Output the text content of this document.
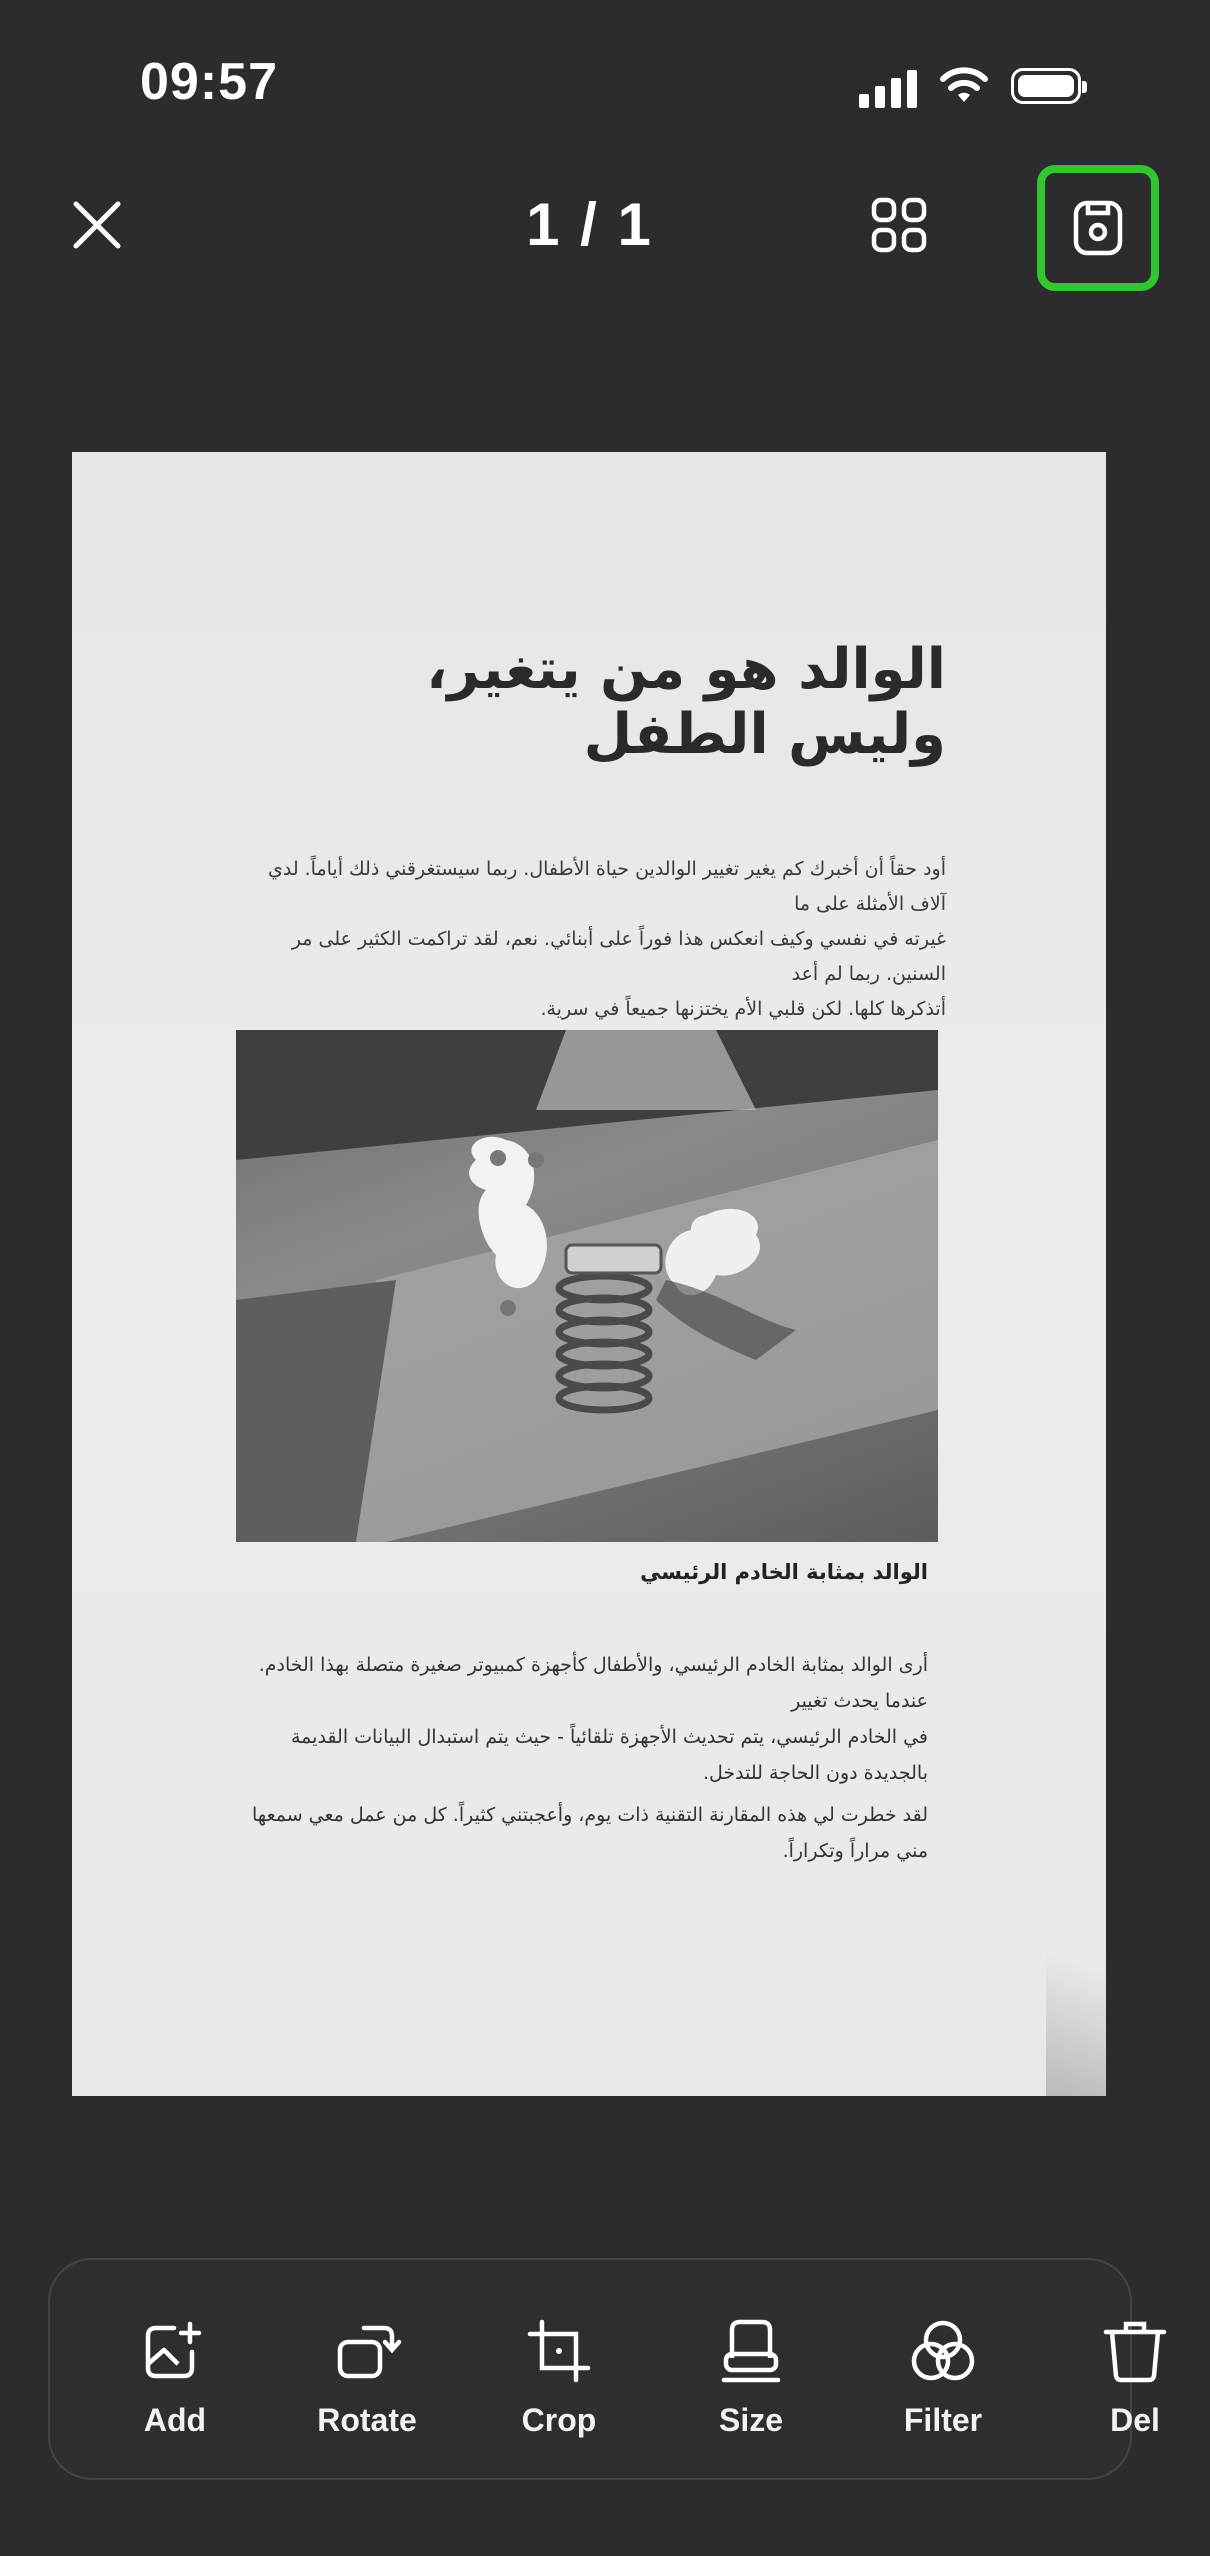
09:57
1 / 1
الوالد هو من يتغير، وليس الطفل
أود حقاً أن أخبرك كم يغير تغيير الوالدين حياة الأطفال. ربما سيستغرقني ذلك أياماً. لدي آلاف الأمثلة على ما
غيرته في نفسي وكيف انعكس هذا فوراً على أبنائي. نعم، لقد تراكمت الكثير على مر السنين. ربما لم أعد
أتذكرها كلها. لكن قلبي الأم يختزنها جميعاً في سرية.
الوالد بمثابة الخادم الرئيسي

أرى الوالد بمثابة الخادم الرئيسي، والأطفال كأجهزة كمبيوتر صغيرة متصلة بهذا الخادم. عندما يحدث تغيير
في الخادم الرئيسي، يتم تحديث الأجهزة تلقائياً - حيث يتم استبدال البيانات القديمة بالجديدة دون الحاجة للتدخل.

لقد خطرت لي هذه المقارنة التقنية ذات يوم، وأعجبتني كثيراً. كل من عمل معي سمعها مني مراراً وتكراراً.

Add	Rotate	Crop	Size	Filter	Del
